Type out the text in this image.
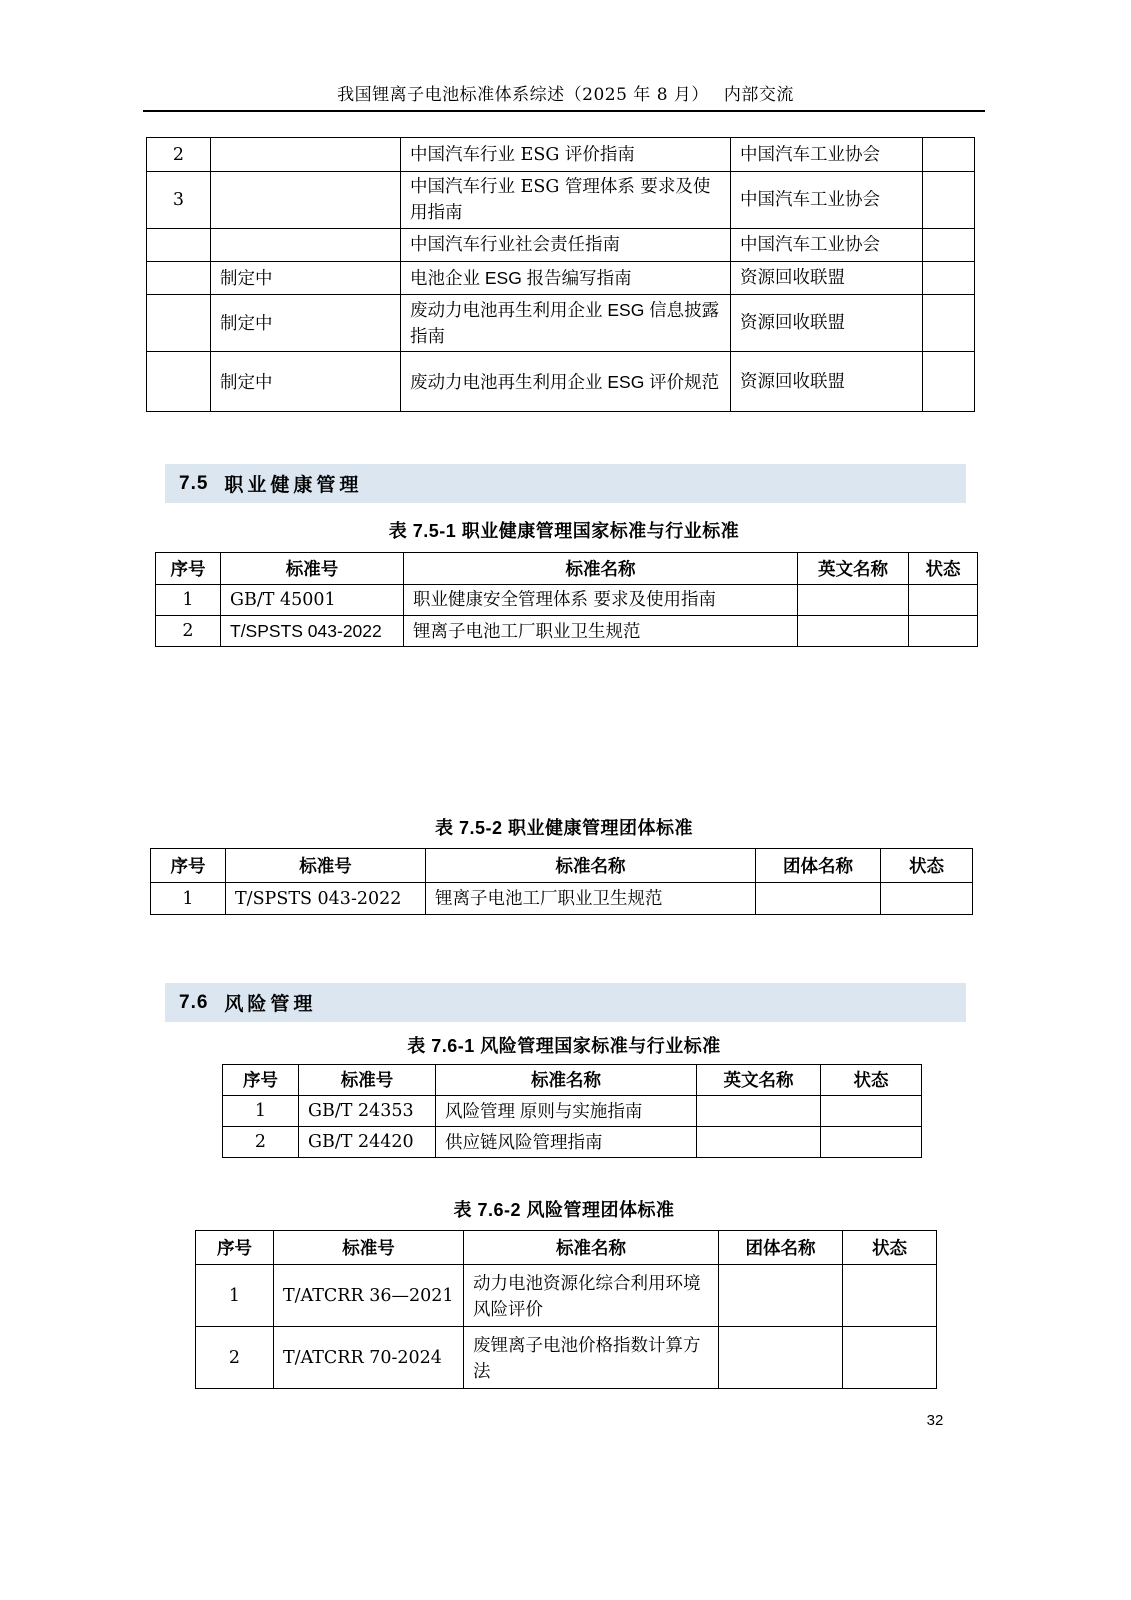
我国锂离子电池标准体系综述（2025 年 8 月）　 内部交流
2		中国汽车行业 ESG 评价指南	中国汽车工业协会	
3		中国汽车行业 ESG 管理体系 要求及使用指南	中国汽车工业协会	
		中国汽车行业社会责任指南	中国汽车工业协会	
	制定中	电池企业 ESG 报告编写指南	资源回收联盟	
	制定中	废动力电池再生利用企业 ESG 信息披露指南	资源回收联盟	
	制定中	废动力电池再生利用企业 ESG 评价规范	资源回收联盟	
7.5 职业健康管理
表 7.5-1 职业健康管理国家标准与行业标准
序号	标准号	标准名称	英文名称	状态
1	GB/T 45001	职业健康安全管理体系 要求及使用指南		
2	T/SPSTS 043-2022	锂离子电池工厂职业卫生规范		
表 7.5-2 职业健康管理团体标准
序号	标准号	标准名称	团体名称	状态
1	T/SPSTS 043-2022	锂离子电池工厂职业卫生规范		
7.6 风险管理
表 7.6-1 风险管理国家标准与行业标准
序号	标准号	标准名称	英文名称	状态
1	GB/T 24353	风险管理 原则与实施指南		
2	GB/T 24420	供应链风险管理指南		
表 7.6-2 风险管理团体标准
序号	标准号	标准名称	团体名称	状态
1	T/ATCRR 36—2021	动力电池资源化综合利用环境风险评价		
2	T/ATCRR 70-2024	废锂离子电池价格指数计算方法		
32
